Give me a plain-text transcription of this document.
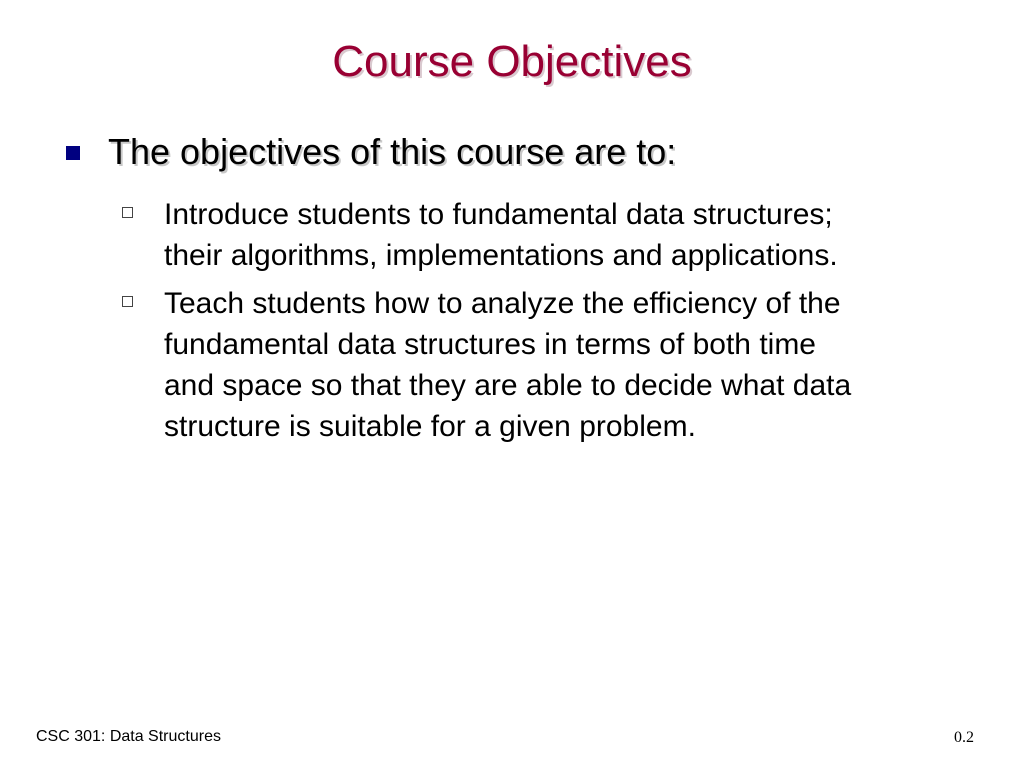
Course Objectives
The objectives of this course are to:
Introduce students to fundamental data structures;
their algorithms, implementations and applications.
Teach students how to analyze the efficiency of the
fundamental data structures in terms of both time
and space so that they are able to decide what data
structure is suitable for a given problem.
CSC 301: Data Structures	0.2
